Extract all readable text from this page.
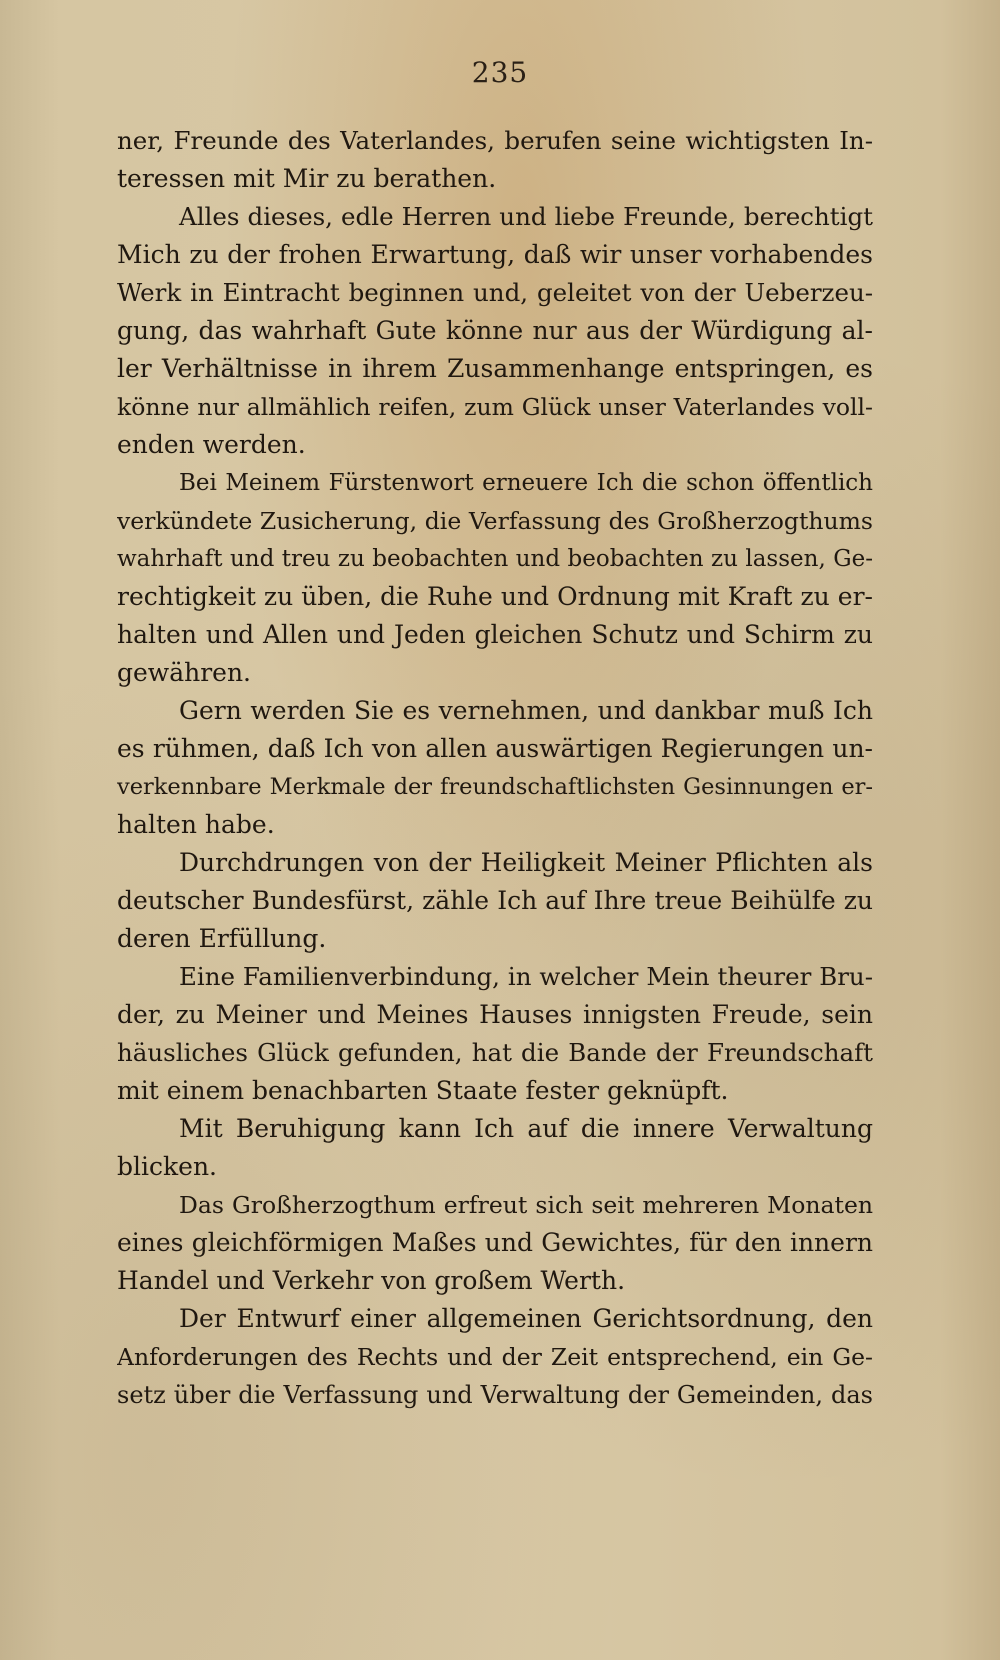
235
ner, Freunde des Vaterlandes, berufen seine wichtigsten In-
teressen mit Mir zu berathen.
Alles dieses, edle Herren und liebe Freunde, berechtigt
Mich zu der frohen Erwartung, daß wir unser vorhabendes
Werk in Eintracht beginnen und, geleitet von der Ueberzeu-
gung, das wahrhaft Gute könne nur aus der Würdigung al-
ler Verhältnisse in ihrem Zusammenhange entspringen, es
könne nur allmählich reifen, zum Glück unser Vaterlandes voll-
enden werden.
Bei Meinem Fürstenwort erneuere Ich die schon öffentlich
verkündete Zusicherung, die Verfassung des Großherzogthums
wahrhaft und treu zu beobachten und beobachten zu lassen, Ge-
rechtigkeit zu üben, die Ruhe und Ordnung mit Kraft zu er-
halten und Allen und Jeden gleichen Schutz und Schirm zu
gewähren.
Gern werden Sie es vernehmen, und dankbar muß Ich
es rühmen, daß Ich von allen auswärtigen Regierungen un-
verkennbare Merkmale der freundschaftlichsten Gesinnungen er-
halten habe.
Durchdrungen von der Heiligkeit Meiner Pflichten als
deutscher Bundesfürst, zähle Ich auf Ihre treue Beihülfe zu
deren Erfüllung.
Eine Familienverbindung, in welcher Mein theurer Bru-
der, zu Meiner und Meines Hauses innigsten Freude, sein
häusliches Glück gefunden, hat die Bande der Freundschaft
mit einem benachbarten Staate fester geknüpft.
Mit Beruhigung kann Ich auf die innere Verwaltung
blicken.
Das Großherzogthum erfreut sich seit mehreren Monaten
eines gleichförmigen Maßes und Gewichtes, für den innern
Handel und Verkehr von großem Werth.
Der Entwurf einer allgemeinen Gerichtsordnung, den
Anforderungen des Rechts und der Zeit entsprechend, ein Ge-
setz über die Verfassung und Verwaltung der Gemeinden, das
